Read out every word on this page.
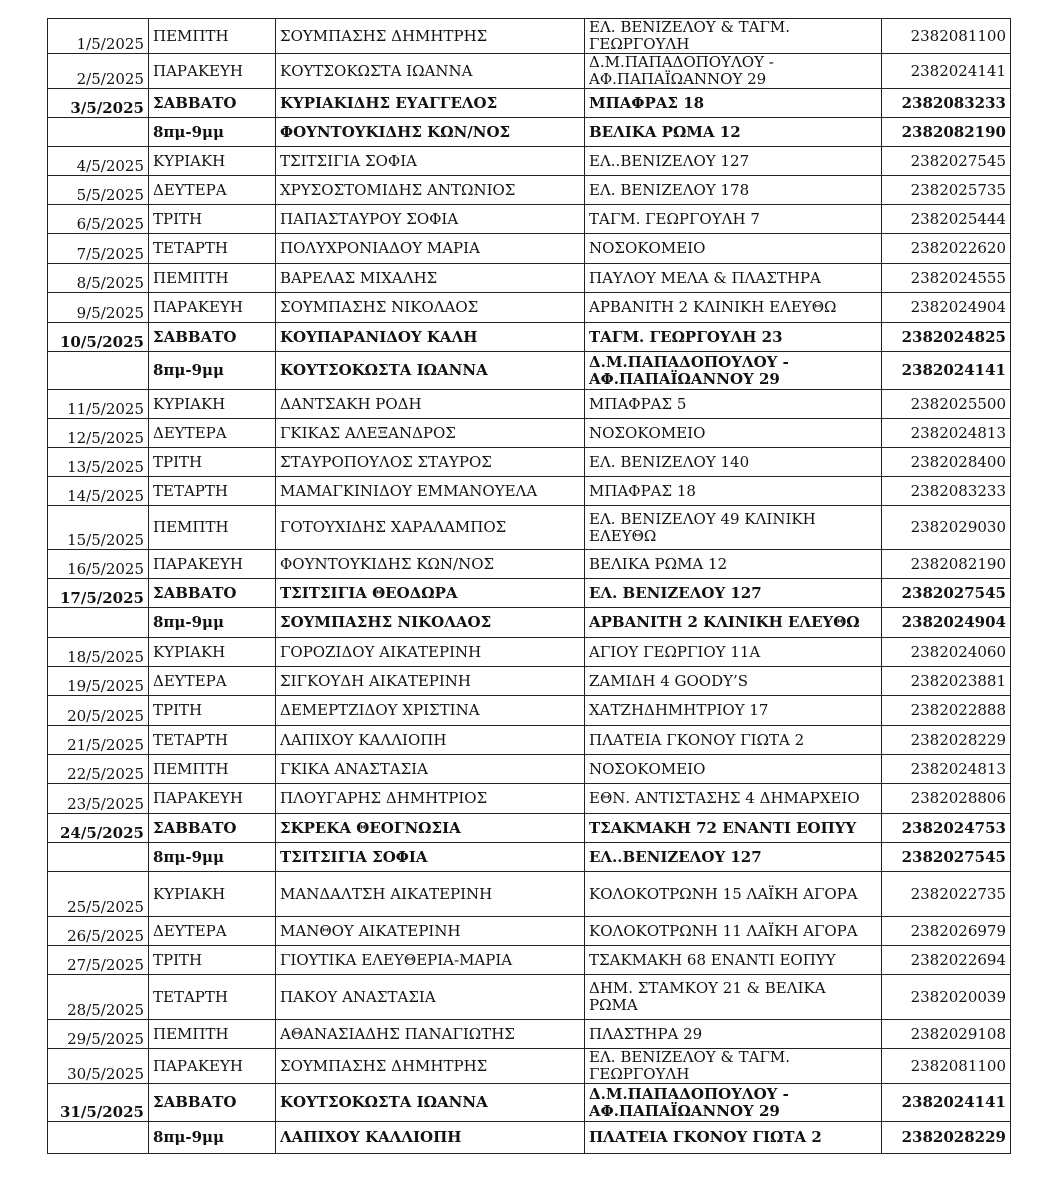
1/5/2025	ΠΕΜΠΤΗ	ΣΟΥΜΠΑΣΗΣ ΔΗΜΗΤΡΗΣ	ΕΛ. ΒΕΝΙΖΕΛΟΥ & ΤΑΓΜ. ΓΕΩΡΓΟΥΛΗ	2382081100
2/5/2025	ΠΑΡΑΚΕΥΗ	ΚΟΥΤΣΟΚΩΣΤΑ ΙΩΑΝΝΑ	Δ.Μ.ΠΑΠΑΔΟΠΟΥΛΟΥ - ΑΦ.ΠΑΠΑΪΩΑΝΝΟΥ 29	2382024141
3/5/2025	ΣΑΒΒΑΤΟ	ΚΥΡΙΑΚΙΔΗΣ ΕΥΑΓΓΕΛΟΣ	ΜΠΑΦΡΑΣ 18	2382083233
	8πμ-9μμ	ΦΟΥΝΤΟΥΚΙΔΗΣ ΚΩΝ/ΝΟΣ	ΒΕΛΙΚΑ ΡΩΜΑ 12	2382082190
4/5/2025	ΚΥΡΙΑΚΗ	ΤΣΙΤΣΙΓΙΑ ΣΟΦΙΑ	ΕΛ..ΒΕΝΙΖΕΛΟΥ 127	2382027545
5/5/2025	ΔΕΥΤΕΡΑ	ΧΡΥΣΟΣΤΟΜΙΔΗΣ ΑΝΤΩΝΙΟΣ	ΕΛ. ΒΕΝΙΖΕΛΟΥ 178	2382025735
6/5/2025	ΤΡΙΤΗ	ΠΑΠΑΣΤΑΥΡΟΥ ΣΟΦΙΑ	ΤΑΓΜ. ΓΕΩΡΓΟΥΛΗ 7	2382025444
7/5/2025	ΤΕΤΑΡΤΗ	ΠΟΛΥΧΡΟΝΙΑΔΟΥ ΜΑΡΙΑ	ΝΟΣΟΚΟΜΕΙΟ	2382022620
8/5/2025	ΠΕΜΠΤΗ	ΒΑΡΕΛΑΣ ΜΙΧΑΛΗΣ	ΠΑΥΛΟΥ ΜΕΛΑ & ΠΛΑΣΤΗΡΑ	2382024555
9/5/2025	ΠΑΡΑΚΕΥΗ	ΣΟΥΜΠΑΣΗΣ ΝΙΚΟΛΑΟΣ	ΑΡΒΑΝΙΤΗ 2 ΚΛΙΝΙΚΗ ΕΛΕΥΘΩ	2382024904
10/5/2025	ΣΑΒΒΑΤΟ	ΚΟΥΠΑΡΑΝΙΔΟΥ ΚΑΛΗ	ΤΑΓΜ. ΓΕΩΡΓΟΥΛΗ 23	2382024825
	8πμ-9μμ	ΚΟΥΤΣΟΚΩΣΤΑ ΙΩΑΝΝΑ	Δ.Μ.ΠΑΠΑΔΟΠΟΥΛΟΥ - ΑΦ.ΠΑΠΑΪΩΑΝΝΟΥ 29	2382024141
11/5/2025	ΚΥΡΙΑΚΗ	ΔΑΝΤΣΑΚΗ ΡΟΔΗ	ΜΠΑΦΡΑΣ 5	2382025500
12/5/2025	ΔΕΥΤΕΡΑ	ΓΚΙΚΑΣ ΑΛΕΞΑΝΔΡΟΣ	ΝΟΣΟΚΟΜΕΙΟ	2382024813
13/5/2025	ΤΡΙΤΗ	ΣΤΑΥΡΟΠΟΥΛΟΣ ΣΤΑΥΡΟΣ	ΕΛ. ΒΕΝΙΖΕΛΟΥ 140	2382028400
14/5/2025	ΤΕΤΑΡΤΗ	ΜΑΜΑΓΚΙΝΙΔΟΥ ΕΜΜΑΝΟΥΕΛΑ	ΜΠΑΦΡΑΣ 18	2382083233
15/5/2025	ΠΕΜΠΤΗ	ΓΟΤΟΥΧΙΔΗΣ ΧΑΡΑΛΑΜΠΟΣ	ΕΛ. ΒΕΝΙΖΕΛΟΥ 49 ΚΛΙΝΙΚΗ ΕΛΕΥΘΩ	2382029030
16/5/2025	ΠΑΡΑΚΕΥΗ	ΦΟΥΝΤΟΥΚΙΔΗΣ ΚΩΝ/ΝΟΣ	ΒΕΛΙΚΑ ΡΩΜΑ 12	2382082190
17/5/2025	ΣΑΒΒΑΤΟ	ΤΣΙΤΣΙΓΙΑ ΘΕΟΔΩΡΑ	ΕΛ. ΒΕΝΙΖΕΛΟΥ 127	2382027545
	8πμ-9μμ	ΣΟΥΜΠΑΣΗΣ ΝΙΚΟΛΑΟΣ	ΑΡΒΑΝΙΤΗ 2 ΚΛΙΝΙΚΗ ΕΛΕΥΘΩ	2382024904
18/5/2025	ΚΥΡΙΑΚΗ	ΓΟΡΟΖΙΔΟΥ ΑΙΚΑΤΕΡΙΝΗ	ΑΓΙΟΥ ΓΕΩΡΓΙΟΥ 11Α	2382024060
19/5/2025	ΔΕΥΤΕΡΑ	ΣΙΓΚΟΥΔΗ ΑΙΚΑΤΕΡΙΝΗ	ΖΑΜΙΔΗ 4 GOODY’S	2382023881
20/5/2025	ΤΡΙΤΗ	ΔΕΜΕΡΤΖΙΔΟΥ ΧΡΙΣΤΙΝΑ	ΧΑΤΖΗΔΗΜΗΤΡΙΟΥ 17	2382022888
21/5/2025	ΤΕΤΑΡΤΗ	ΛΑΠΙΧΟΥ ΚΑΛΛΙΟΠΗ	ΠΛΑΤΕΙΑ ΓΚΟΝΟΥ ΓΙΩΤΑ 2	2382028229
22/5/2025	ΠΕΜΠΤΗ	ΓΚΙΚΑ ΑΝΑΣΤΑΣΙΑ	ΝΟΣΟΚΟΜΕΙΟ	2382024813
23/5/2025	ΠΑΡΑΚΕΥΗ	ΠΛΟΥΓΑΡΗΣ ΔΗΜΗΤΡΙΟΣ	ΕΘΝ. ΑΝΤΙΣΤΑΣΗΣ 4 ΔΗΜΑΡΧΕΙΟ	2382028806
24/5/2025	ΣΑΒΒΑΤΟ	ΣΚΡΕΚΑ ΘΕΟΓΝΩΣΙΑ	ΤΣΑΚΜΑΚΗ 72 ΕΝΑΝΤΙ ΕΟΠΥΥ	2382024753
	8πμ-9μμ	ΤΣΙΤΣΙΓΙΑ ΣΟΦΙΑ	ΕΛ..ΒΕΝΙΖΕΛΟΥ 127	2382027545
25/5/2025	ΚΥΡΙΑΚΗ	ΜΑΝΔΑΛΤΣΗ ΑΙΚΑΤΕΡΙΝΗ	ΚΟΛΟΚΟΤΡΩΝΗ 15 ΛΑΪΚΗ ΑΓΟΡΑ	2382022735
26/5/2025	ΔΕΥΤΕΡΑ	ΜΑΝΘΟΥ ΑΙΚΑΤΕΡΙΝΗ	ΚΟΛΟΚΟΤΡΩΝΗ 11 ΛΑΪΚΗ ΑΓΟΡΑ	2382026979
27/5/2025	ΤΡΙΤΗ	ΓΙΟΥΤΙΚΑ ΕΛΕΥΘΕΡΙΑ-ΜΑΡΙΑ	ΤΣΑΚΜΑΚΗ 68 ΕΝΑΝΤΙ ΕΟΠΥΥ	2382022694
28/5/2025	ΤΕΤΑΡΤΗ	ΠΑΚΟΥ ΑΝΑΣΤΑΣΙΑ	ΔΗΜ. ΣΤΑΜΚΟΥ 21 & ΒΕΛΙΚΑ ΡΩΜΑ	2382020039
29/5/2025	ΠΕΜΠΤΗ	ΑΘΑΝΑΣΙΑΔΗΣ ΠΑΝΑΓΙΩΤΗΣ	ΠΛΑΣΤΗΡΑ 29	2382029108
30/5/2025	ΠΑΡΑΚΕΥΗ	ΣΟΥΜΠΑΣΗΣ ΔΗΜΗΤΡΗΣ	ΕΛ. ΒΕΝΙΖΕΛΟΥ & ΤΑΓΜ. ΓΕΩΡΓΟΥΛΗ	2382081100
31/5/2025	ΣΑΒΒΑΤΟ	ΚΟΥΤΣΟΚΩΣΤΑ ΙΩΑΝΝΑ	Δ.Μ.ΠΑΠΑΔΟΠΟΥΛΟΥ - ΑΦ.ΠΑΠΑΪΩΑΝΝΟΥ 29	2382024141
	8πμ-9μμ	ΛΑΠΙΧΟΥ ΚΑΛΛΙΟΠΗ	ΠΛΑΤΕΙΑ ΓΚΟΝΟΥ ΓΙΩΤΑ 2	2382028229
